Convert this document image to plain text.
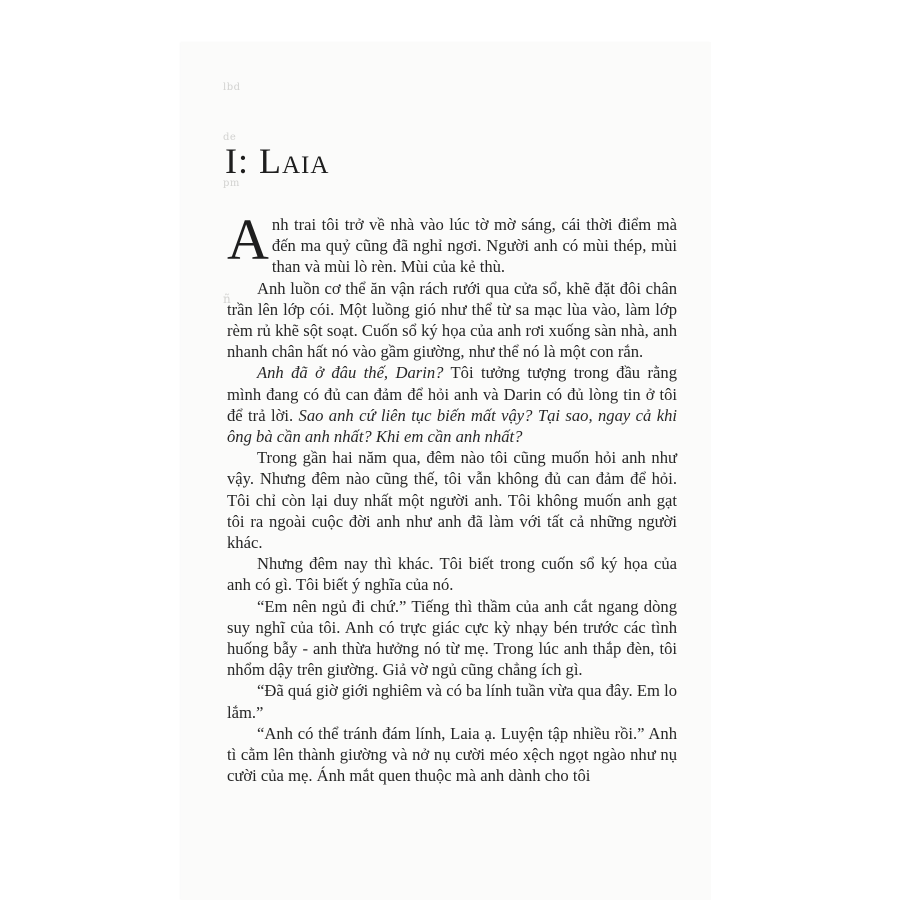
lbd
de
pm
ñ
I: Laia

Anh trai tôi trở về nhà vào lúc tờ mờ sáng, cái thời điểm mà đến ma quỷ cũng đã nghỉ ngơi. Người anh có mùi thép, mùi than và mùi lò rèn. Mùi của kẻ thù.

Anh luồn cơ thể ăn vận rách rưới qua cửa sổ, khẽ đặt đôi chân trần lên lớp cói. Một luồng gió như thể từ sa mạc lùa vào, làm lớp rèm rủ khẽ sột soạt. Cuốn sổ ký họa của anh rơi xuống sàn nhà, anh nhanh chân hất nó vào gầm giường, như thể nó là một con rắn.

Anh đã ở đâu thế, Darin? Tôi tưởng tượng trong đầu rằng mình đang có đủ can đảm để hỏi anh và Darin có đủ lòng tin ở tôi để trả lời. Sao anh cứ liên tục biến mất vậy? Tại sao, ngay cả khi ông bà cần anh nhất? Khi em cần anh nhất?

Trong gần hai năm qua, đêm nào tôi cũng muốn hỏi anh như vậy. Nhưng đêm nào cũng thế, tôi vẫn không đủ can đảm để hỏi. Tôi chỉ còn lại duy nhất một người anh. Tôi không muốn anh gạt tôi ra ngoài cuộc đời anh như anh đã làm với tất cả những người khác.

Nhưng đêm nay thì khác. Tôi biết trong cuốn sổ ký họa của anh có gì. Tôi biết ý nghĩa của nó.

“Em nên ngủ đi chứ.” Tiếng thì thầm của anh cắt ngang dòng suy nghĩ của tôi. Anh có trực giác cực kỳ nhạy bén trước các tình huống bẫy - anh thừa hưởng nó từ mẹ. Trong lúc anh thắp đèn, tôi nhổm dậy trên giường. Giả vờ ngủ cũng chẳng ích gì.

“Đã quá giờ giới nghiêm và có ba lính tuần vừa qua đây. Em lo lắm.”

“Anh có thể tránh đám lính, Laia ạ. Luyện tập nhiều rồi.” Anh tì cằm lên thành giường và nở nụ cười méo xệch ngọt ngào như nụ cười của mẹ. Ánh mắt quen thuộc mà anh dành cho tôi
